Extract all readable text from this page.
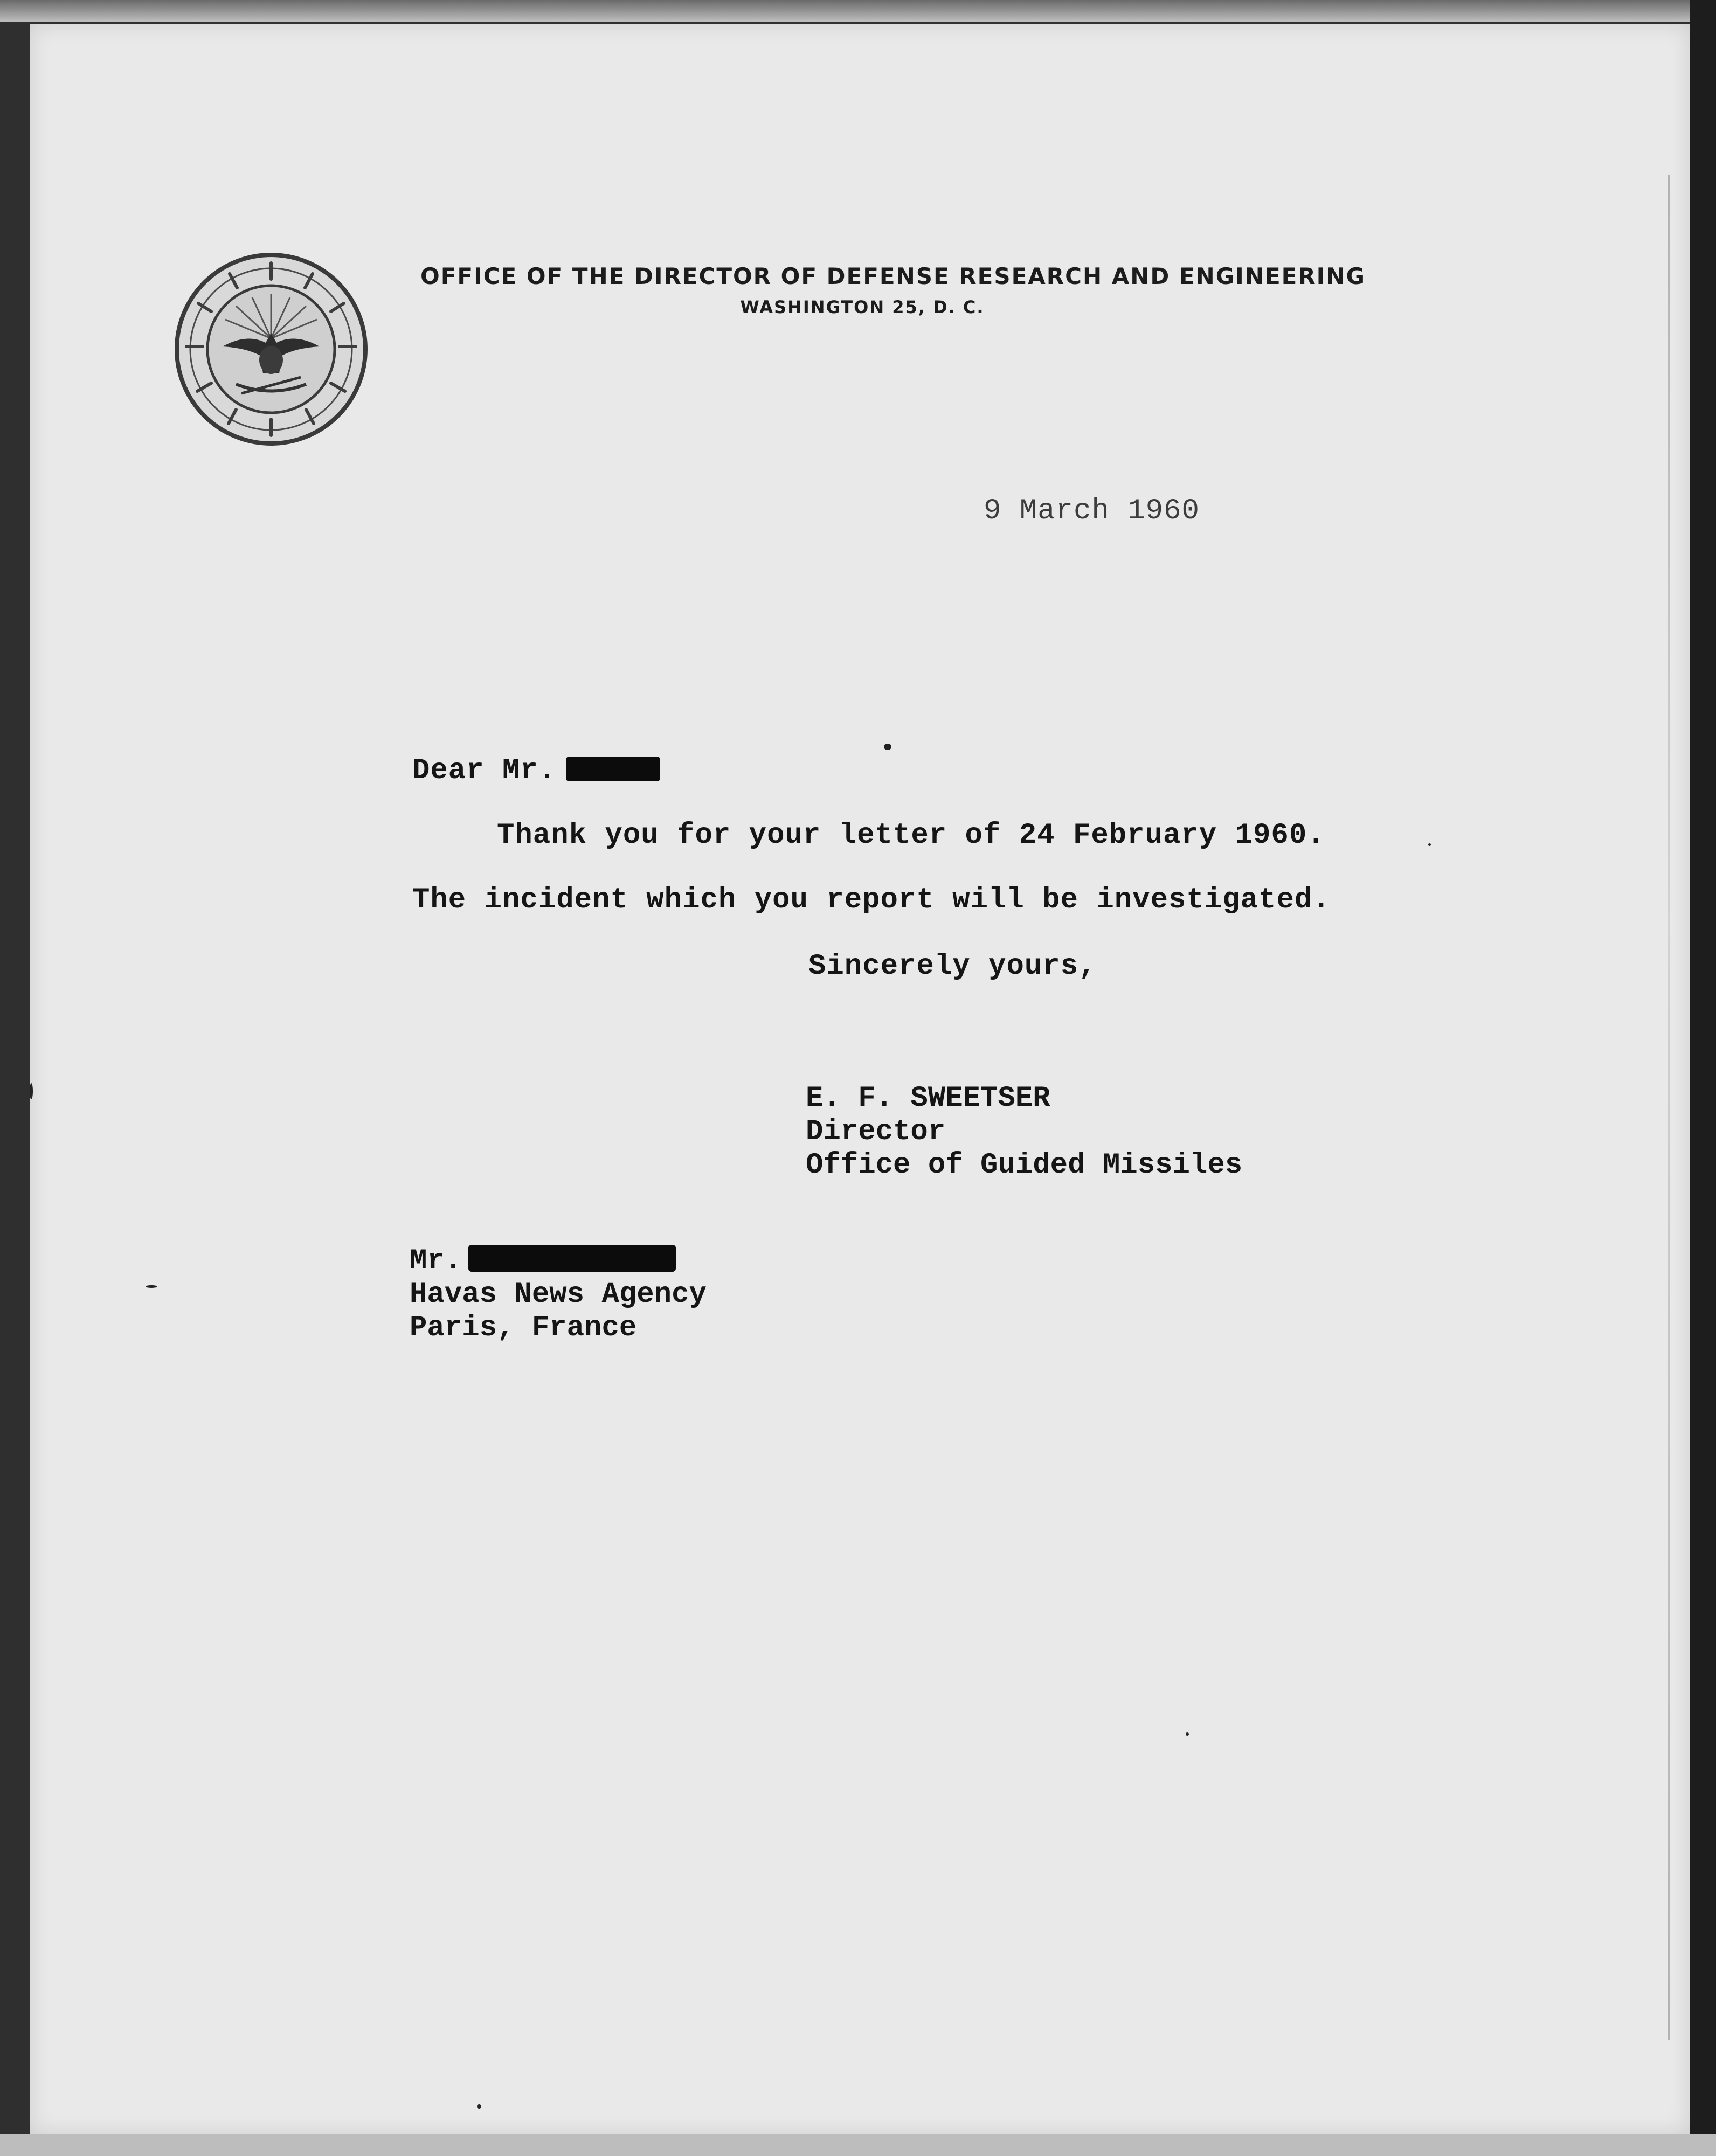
OFFICE OF THE DIRECTOR OF DEFENSE RESEARCH AND ENGINEERING
WASHINGTON 25, D. C.
9 March 1960
Dear Mr.
Thank you for your letter of 24 February 1960.
The incident which you report will be investigated.
Sincerely yours,
E. F. SWEETSER
Director
Office of Guided Missiles
Mr.
Havas News Agency
Paris, France
